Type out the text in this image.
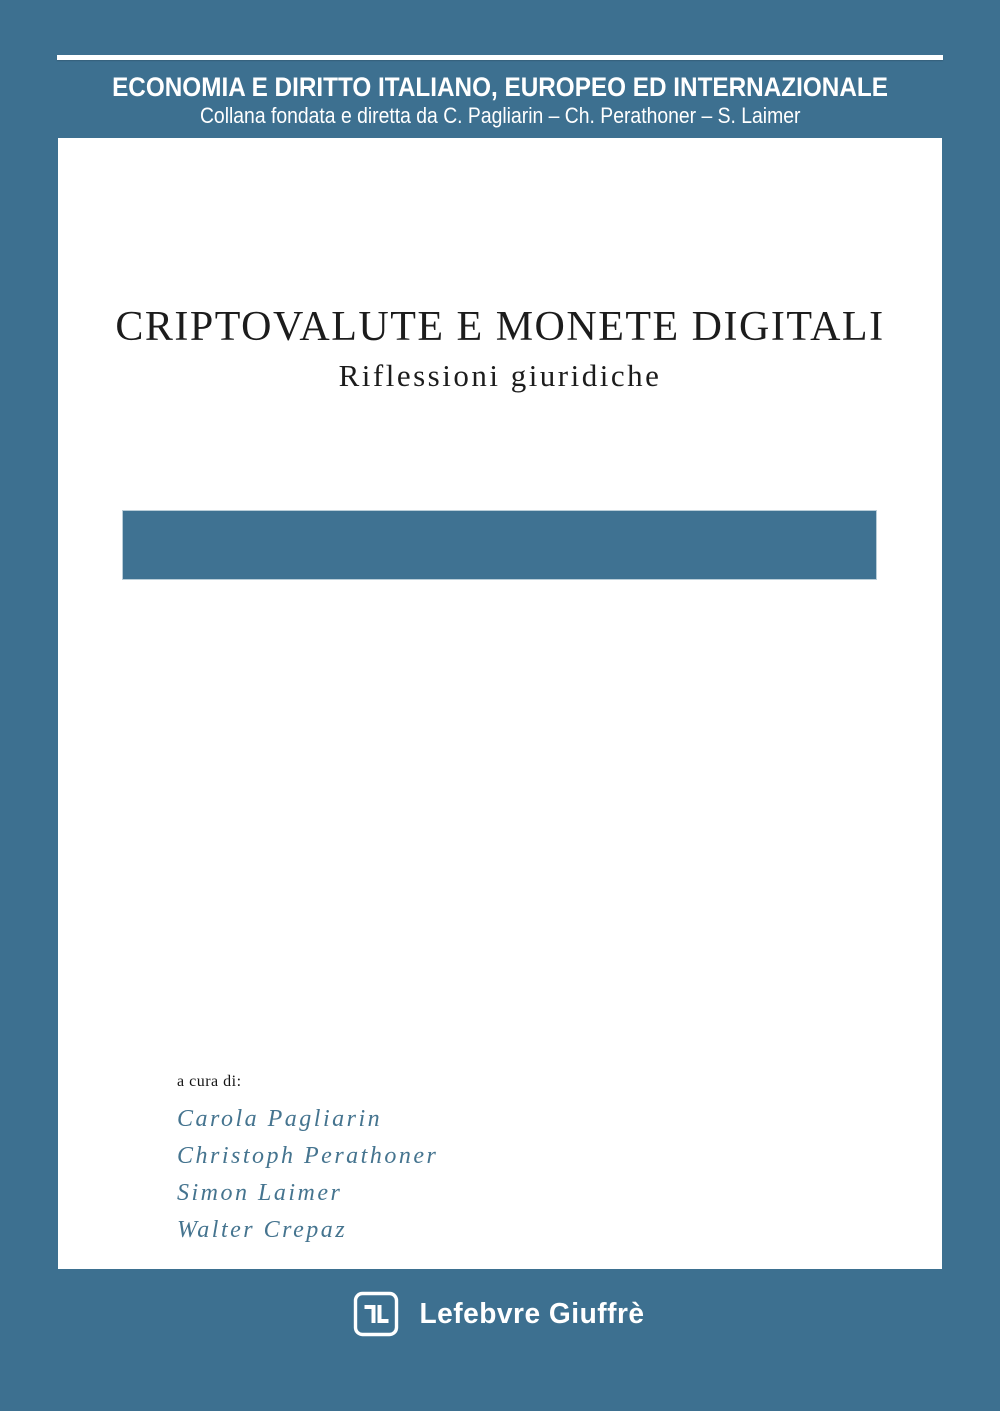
ECONOMIA E DIRITTO ITALIANO, EUROPEO ED INTERNAZIONALE
Collana fondata e diretta da C. Pagliarin – Ch. Perathoner – S. Laimer
CRIPTOVALUTE E MONETE DIGITALI
Riflessioni giuridiche
a cura di:
Carola Pagliarin
Christoph Perathoner
Simon Laimer
Walter Crepaz
Lefebvre Giuffrè
